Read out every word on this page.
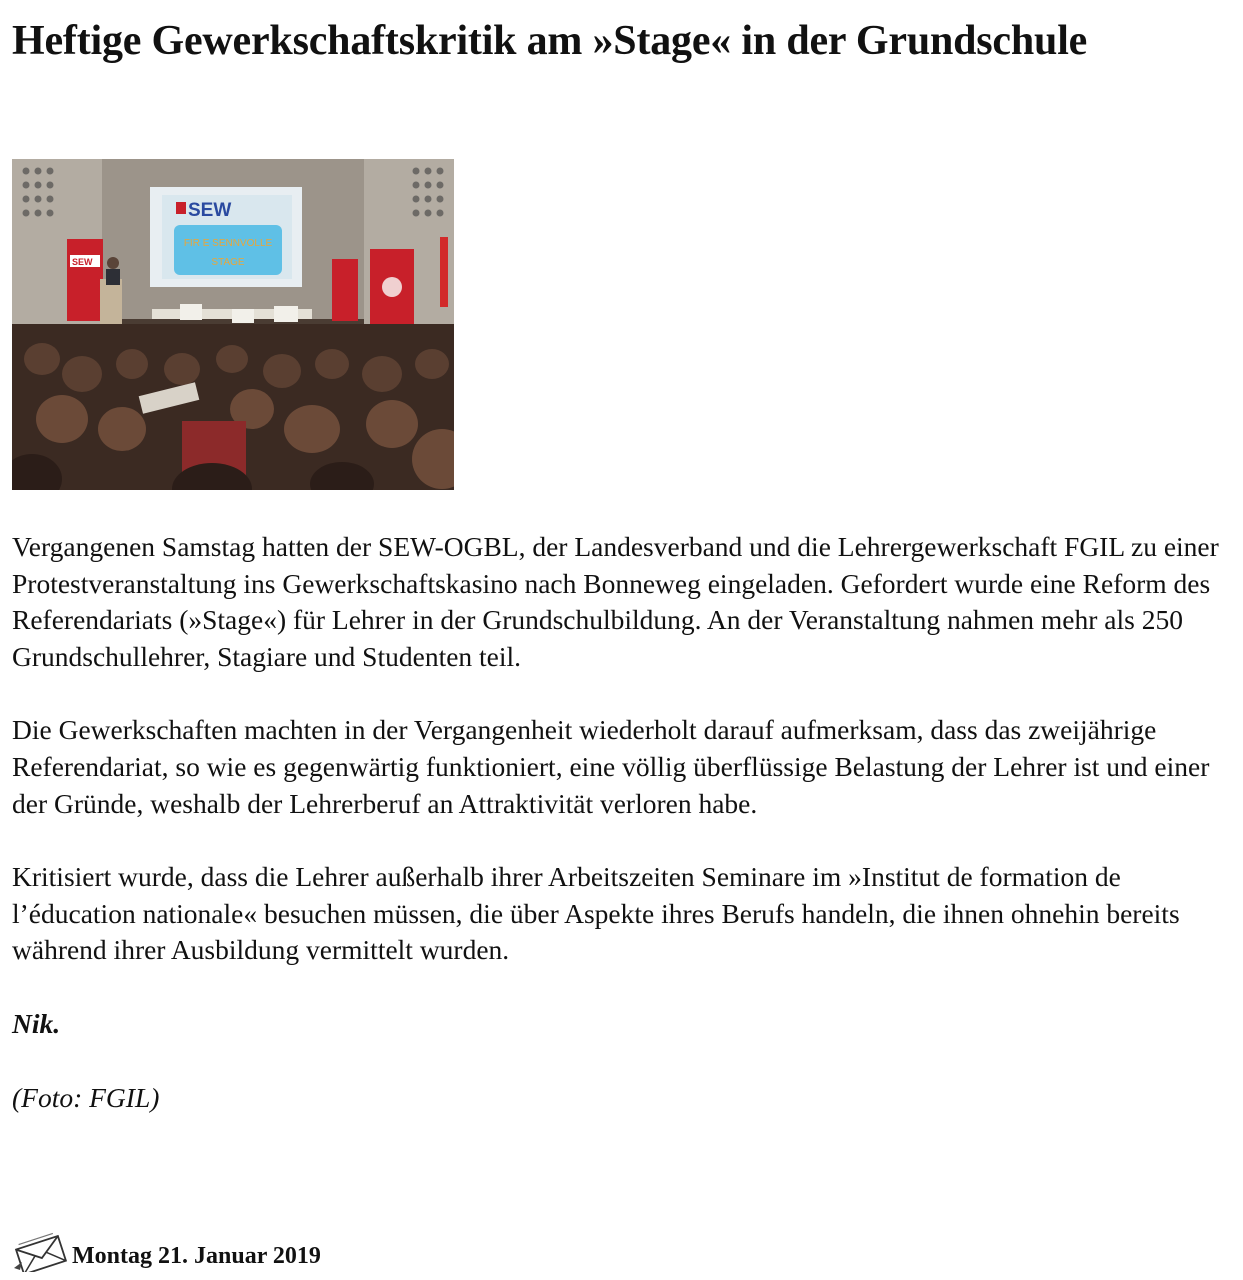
Heftige Gewerkschaftskritik am »Stage« in der Grundschule
SEW
FIR E SENNVOLLE
STAGE
SEW

Vergangenen Samstag hatten der SEW-OGBL, der Landesverband und die Lehrergewerkschaft FGIL zu einer Protestveranstaltung ins Gewerkschaftskasino nach Bonneweg eingeladen. Gefordert wurde eine Reform des Referendariats (»Stage«) für Lehrer in der Grundschulbildung. An der Veranstaltung nahmen mehr als 250 Grundschullehrer, Stagiare und Studenten teil.

Die Gewerkschaften machten in der Vergangenheit wiederholt darauf aufmerksam, dass das zweijährige Referendariat, so wie es gegenwärtig funktioniert, eine völlig überflüssige Belastung der Lehrer ist und einer der Gründe, weshalb der Lehrerberuf an Attraktivität verloren habe.

Kritisiert wurde, dass die Lehrer außerhalb ihrer Arbeitszeiten Seminare im »Institut de formation de l’éducation nationale« besuchen müssen, die über Aspekte ihres Berufs handeln, die ihnen ohnehin bereits während ihrer Ausbildung vermittelt wurden.

Nik.

(Foto: FGIL)

Montag 21. Januar 2019
